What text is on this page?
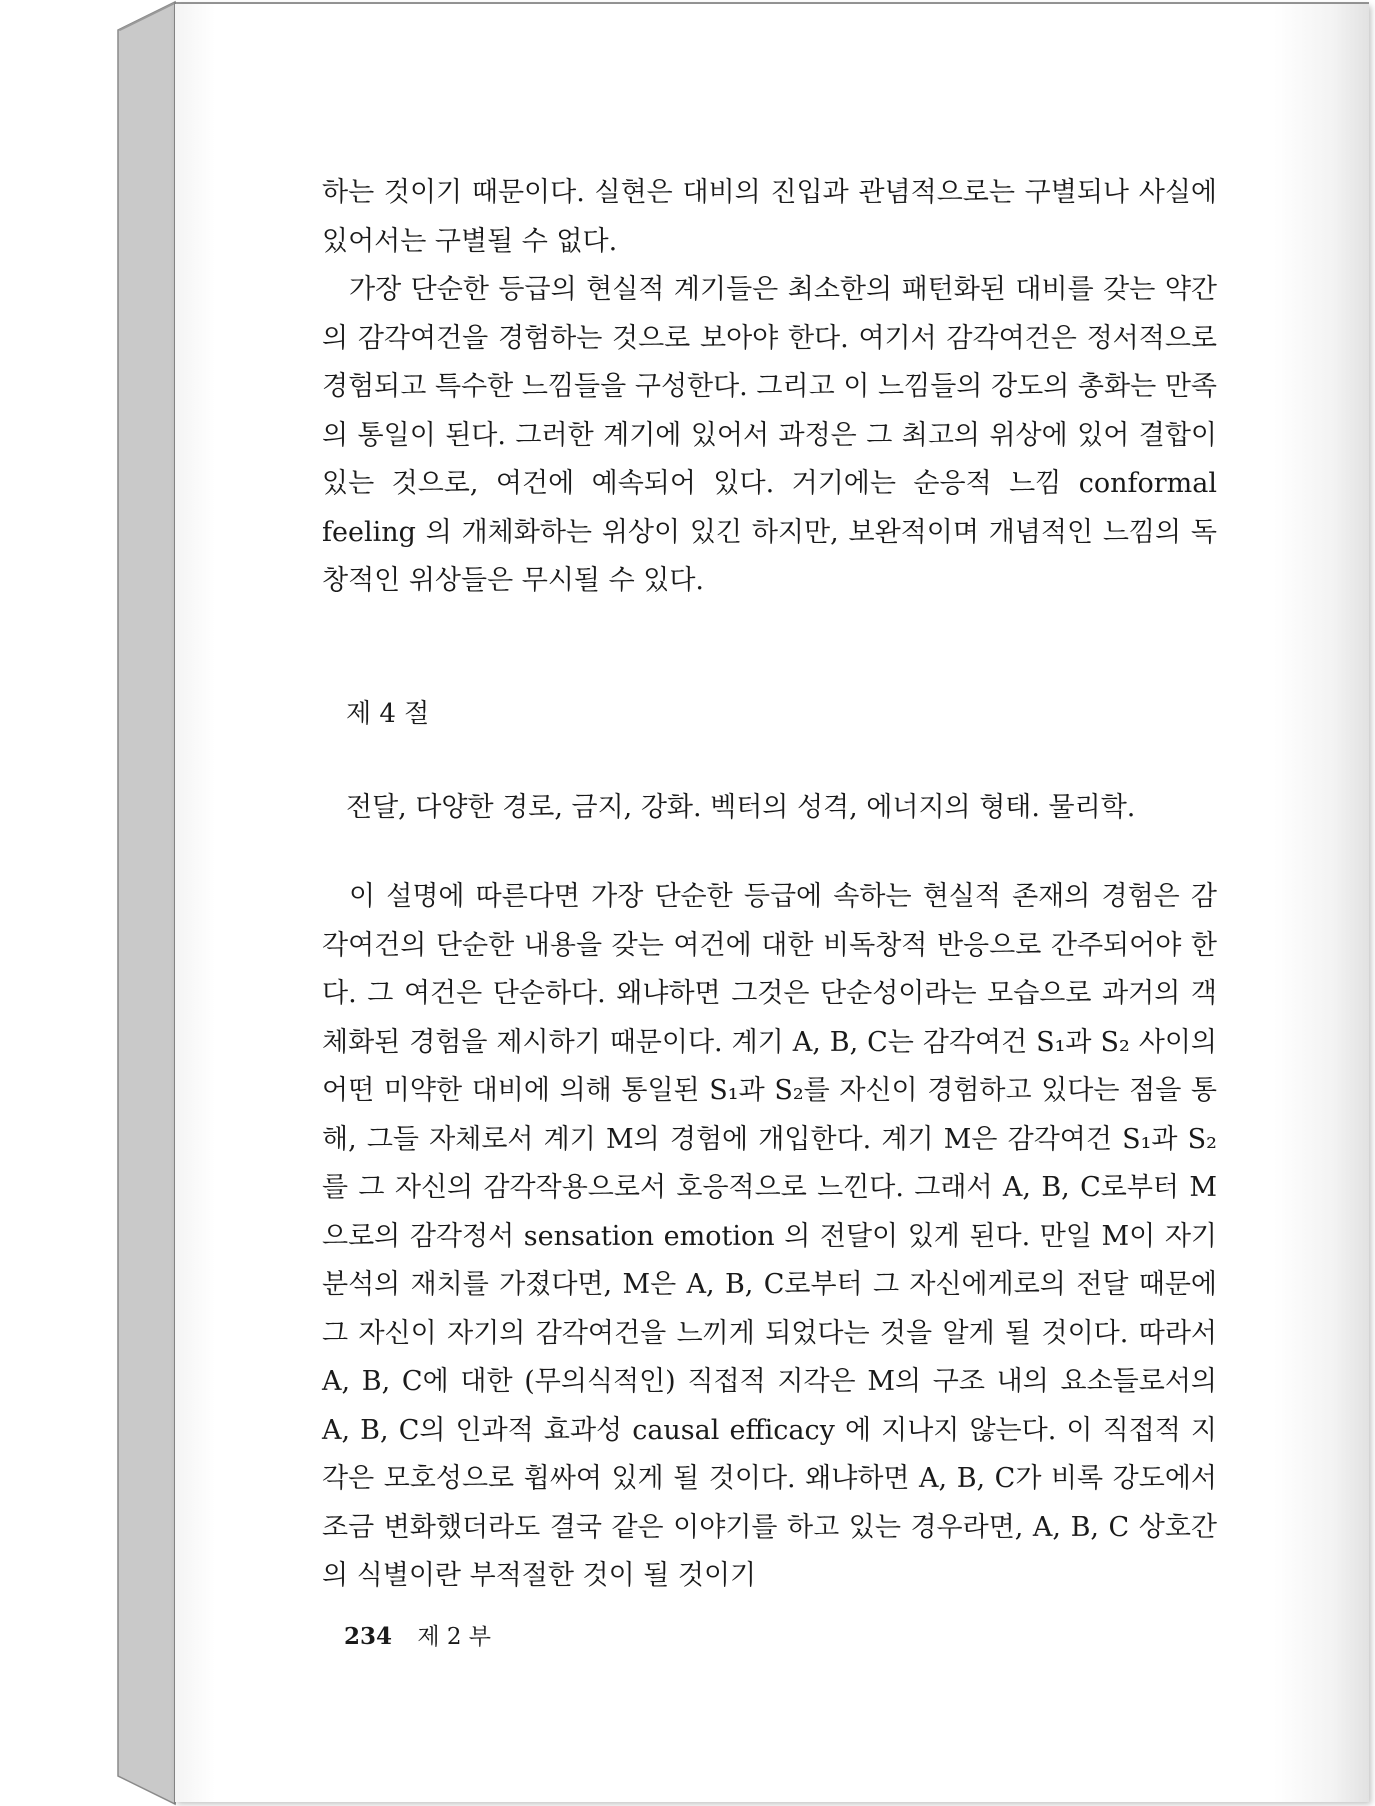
하는 것이기 때문이다. 실현은 대비의 진입과 관념적으로는 구별되나 사실에 있어서는 구별될 수 없다.

가장 단순한 등급의 현실적 계기들은 최소한의 패턴화된 대비를 갖는 약간의 감각여건을 경험하는 것으로 보아야 한다. 여기서 감각여건은 정서적으로 경험되고 특수한 느낌들을 구성한다. 그리고 이 느낌들의 강도의 총화는 만족의 통일이 된다. 그러한 계기에 있어서 과정은 그 최고의 위상에 있어 결합이 있는 것으로, 여건에 예속되어 있다. 거기에는 순응적 느낌 conformal feeling 의 개체화하는 위상이 있긴 하지만, 보완적이며 개념적인 느낌의 독창적인 위상들은 무시될 수 있다.

제 4 절
전달, 다양한 경로, 금지, 강화. 벡터의 성격, 에너지의 형태. 물리학.

이 설명에 따른다면 가장 단순한 등급에 속하는 현실적 존재의 경험은 감각여건의 단순한 내용을 갖는 여건에 대한 비독창적 반응으로 간주되어야 한다. 그 여건은 단순하다. 왜냐하면 그것은 단순성이라는 모습으로 과거의 객체화된 경험을 제시하기 때문이다. 계기 A, B, C는 감각여건 S₁과 S₂ 사이의 어떤 미약한 대비에 의해 통일된 S₁과 S₂를 자신이 경험하고 있다는 점을 통해, 그들 자체로서 계기 M의 경험에 개입한다. 계기 M은 감각여건 S₁과 S₂를 그 자신의 감각작용으로서 호응적으로 느낀다. 그래서 A, B, C로부터 M으로의 감각정서 sensation emotion 의 전달이 있게 된다. 만일 M이 자기 분석의 재치를 가졌다면, M은 A, B, C로부터 그 자신에게로의 전달 때문에 그 자신이 자기의 감각여건을 느끼게 되었다는 것을 알게 될 것이다. 따라서 A, B, C에 대한 (무의식적인) 직접적 지각은 M의 구조 내의 요소들로서의 A, B, C의 인과적 효과성 causal efficacy 에 지나지 않는다. 이 직접적 지각은 모호성으로 휩싸여 있게 될 것이다. 왜냐하면 A, B, C가 비록 강도에서 조금 변화했더라도 결국 같은 이야기를 하고 있는 경우라면, A, B, C 상호간의 식별이란 부적절한 것이 될 것이기

234 제 2 부
